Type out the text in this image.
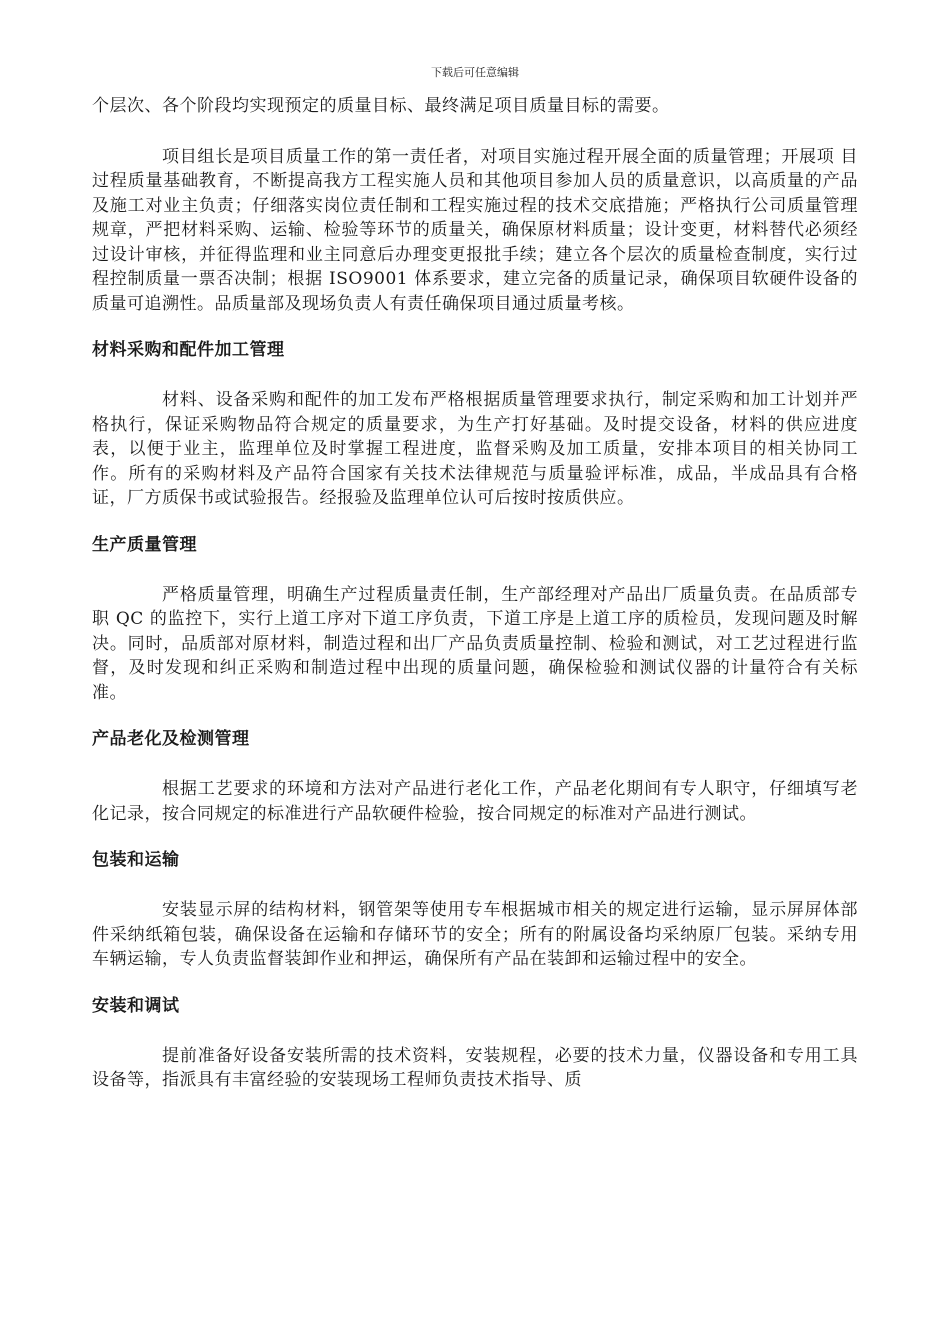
下载后可任意编辑

个层次、各个阶段均实现预定的质量目标、最终满足项目质量目标的需要。

项目组长是项目质量工作的第一责任者，对项目实施过程开展全面的质量管理；开展项 目过程质量基础教育，不断提高我方工程实施人员和其他项目参加人员的质量意识，以高质量的产品及施工对业主负责；仔细落实岗位责任制和工程实施过程的技术交底措施；严格执行公司质量管理规章，严把材料采购、运输、检验等环节的质量关，确保原材料质量；设计变更，材料替代必须经过设计审核，并征得监理和业主同意后办理变更报批手续；建立各个层次的质量检查制度，实行过程控制质量一票否决制；根据 ISO9001 体系要求，建立完备的质量记录，确保项目软硬件设备的质量可追溯性。品质量部及现场负责人有责任确保项目通过质量考核。

材料采购和配件加工管理

材料、设备采购和配件的加工发布严格根据质量管理要求执行，制定采购和加工计划并严格执行，保证采购物品符合规定的质量要求，为生产打好基础。及时提交设备，材料的供应进度表，以便于业主，监理单位及时掌握工程进度，监督采购及加工质量，安排本项目的相关协同工作。所有的采购材料及产品符合国家有关技术法律规范与质量验评标准，成品，半成品具有合格证，厂方质保书或试验报告。经报验及监理单位认可后按时按质供应。

生产质量管理

严格质量管理，明确生产过程质量责任制，生产部经理对产品出厂质量负责。在品质部专职 QC 的监控下，实行上道工序对下道工序负责，下道工序是上道工序的质检员，发现问题及时解决。同时，品质部对原材料，制造过程和出厂产品负责质量控制、检验和测试，对工艺过程进行监督，及时发现和纠正采购和制造过程中出现的质量问题，确保检验和测试仪器的计量符合有关标准。

产品老化及检测管理

根据工艺要求的环境和方法对产品进行老化工作，产品老化期间有专人职守，仔细填写老化记录，按合同规定的标准进行产品软硬件检验，按合同规定的标准对产品进行测试。

包装和运输

安装显示屏的结构材料，钢管架等使用专车根据城市相关的规定进行运输，显示屏屏体部件采纳纸箱包装，确保设备在运输和存储环节的安全；所有的附属设备均采纳原厂包装。采纳专用车辆运输，专人负责监督装卸作业和押运，确保所有产品在装卸和运输过程中的安全。

安装和调试

提前准备好设备安装所需的技术资料，安装规程，必要的技术力量，仪器设备和专用工具设备等，指派具有丰富经验的安装现场工程师负责技术指导、质
